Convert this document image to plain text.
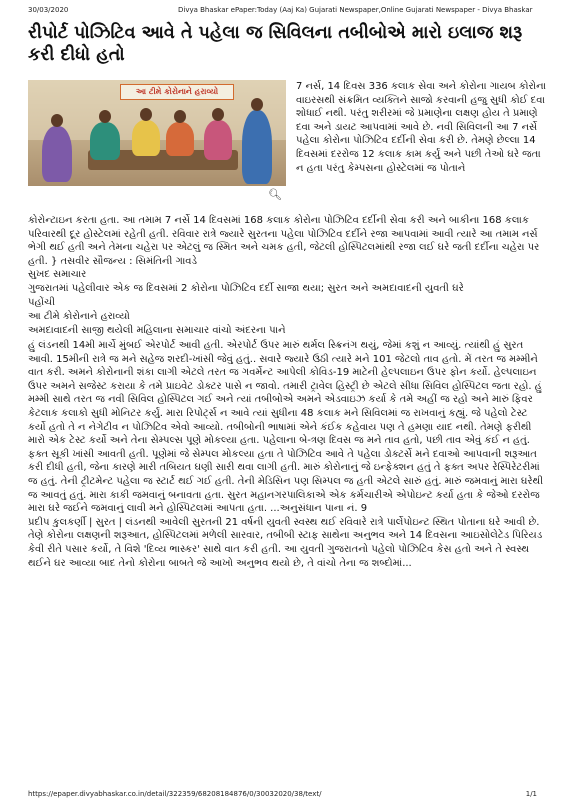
30/03/2020	Divya Bhaskar ePaper:Today (Aaj Ka) Gujarati Newspaper,Online Gujarati Newspaper - Divya Bhaskar
રીપોર્ટ પોઝિટિવ આવે તે પહેલા જ સિવિલના તબીબોએ મારો ઇલાજ શરૂ કરી દીધો હતો
આ ટીમે કોરોનાને હરાવ્યો
🔍︎
7 નર્સ, 14 દિવસ 336 કલાક સેવા અને કોરોના ગાયબ કોરોના વાઇરસથી સંક્રમિત વ્યક્તિને સાજો કરવાની હજુ સુધી કોઈ દવા શોધાઈ નથી. પરંતુ શરીરમાં જે પ્રમાણેના લક્ષણ હોય તે પ્રમાણે દવા અને ડાયટ આપવામાં આવે છે. નવી સિવિલની આ 7 નર્સે પહેલા કોરોના પોઝિટિવ દર્દીની સેવા કરી છે. તેમણે છેલ્લા 14 દિવસમાં દરરોજ 12 કલાક કામ કર્યું અને પછી તેઓ ઘરે જતા ન હતા પરંતુ કેમ્પસના હોસ્ટેલમાં જ પોતાને
કોરોન્ટાઇન કરતા હતા. આ તમામ 7 નર્સે 14 દિવસમાં 168 કલાક કોરોના પોઝિટિવ દર્દીની સેવા કરી અને બાકીના 168 કલાક પરિવારથી દૂર હોસ્ટેલમાં રહેતી હતી. રવિવાર રાત્રે જ્યારે સુરતના પહેલા પોઝિટિવ દર્દીને રજા આપવામાં આવી ત્યારે આ તમામ નર્સ ભેગી થઈ હતી અને તેમના ચહેરા પર એટલું જ સ્મિત અને ચમક હતી, જેટલી હોસ્પિટલમાંથી રજા લઈ ઘરે જતી દર્દીના ચહેરા પર હતી. } તસવીર સૌજન્ય : સિમંતિની ગાવડે
સુખદ સમાચાર
ગુજરાતમાં પહેલીવાર એક જ દિવસમાં 2 કોરોના પોઝિટિવ દર્દી સાજા થયા; સુરત અને અમદાવાદની યુવતી ઘરે
પહોંચી
આ ટીમે કોરોનાને હરાવ્યો
અમદાવાદની સાજી થયેલી મહિલાના સમાચાર વાંચો અંદરના પાને
હું લંડનથી 14મી માર્ચે મુંબઈ એરપોર્ટ આવી હતી. એરપોર્ટ ઉપર મારું થર્મલ સ્ક્રિનંગ થયું, જેમાં કશું ન આવ્યું. ત્યાંથી હું સુરત આવી. 15મીની રાત્રે જ મને સહેજ શરદી-ખાંસી જેવું હતું.. સવારે જ્યારે ઉઠી ત્યારે મને 101 જેટલો તાવ હતો. મેં તરત જ મમ્મીને વાત કરી. અમને કોરોનાની શંકા લાગી એટલે તરત જ ગવર્મેન્ટ આપેલી કોવિડ-19 માટેની હેલ્પલાઇન ઉપર ફોન કર્યો. હેલ્પલાઇન ઉપર અમને સજેસ્ટ કરાયા કે તમે પ્રાઇવેટ ડોક્ટર પાસે ન જાવો. તમારી ટ્રાવેલ હિસ્ટ્રી છે એટલે સીધા સિવિલ હોસ્પિટલ જતા રહો. હું મમ્મી સાથે તરત જ નવી સિવિલ હોસ્પિટલ ગઈ અને ત્યાં તબીબોએ અમને એડવાઇઝ કર્યા કે તમે અહીં જ રહો અને મારું ફિવર કેટલાક કલાકો સુધી મોનિટર કર્યું. મારા રિપોર્ટ્સ ન આવે ત્યાં સુધીના 48 કલાક મને સિવિલમાં જ રાખવાનું કહ્યું. જે પહેલો ટેસ્ટ કર્યો હતો તે ન નેગેટીવ ન પોઝિટિવ એવો આવ્યો. તબીબોની ભાષામાં એને કંઈક કહેવાય પણ તે હમણા યાદ નથી. તેમણે ફરીથી મારો એક ટેસ્ટ કર્યો અને તેના સેમ્પલ્સ પૂણે મોકલ્યા હતા. પહેલાના બે-ત્રણ દિવસ જ મને તાવ હતો, પછી તાવ એવું કંઈ ન હતું. ફક્ત સૂકી ખાંસી આવતી હતી. પૂણેમાં જે સેમ્પલ મોકલ્યા હતા તે પોઝિટિવ આવે તે પહેલા ડોક્ટર્સે મને દવાઓ આપવાની શરૂઆત કરી દીધી હતી, જેના કારણે મારી તબિયત ઘણી સારી થવા લાગી હતી. મારું કોરોનાનું જે ઇન્ફેક્શન હતું તે ફક્ત અપર રેસ્પિરેટરીમાં જ હતું. તેની ટ્રીટમેન્ટ પહેલા જ સ્ટાર્ટ થઈ ગઈ હતી. તેની મેડિસિન પણ સિમ્પલ જ હતી એટલે સારું હતું. મારું જમવાનું મારા ઘરેથી જ આવતું હતું. મારા કાકી જમવાનું બનાવતા હતા. સુરત મહાનગરપાલિકાએ એક કર્મચારીએ એપોઇન્ટ કર્યા હતા કે જેઓ દરરોજ મારા ઘરે જઈને જમવાનું લાવી મને હોસ્પિટલમાં આપતા હતા. ...અનુસંધાન પાના નં. 9
પ્રદીપ કુલકર્ણી | સુરત | લંડનથી આવેલી સુરતની 21 વર્ષની યુવતી સ્વસ્થ થઈ રવિવારે રાત્રે પાર્લેપોઇન્ટ સ્થિત પોતાના ઘરે આવી છે. તેણે કોરોના લક્ષણની શરૂઆત, હોસ્પિટલમાં મળેલી સારવાર, તબીબી સ્ટાફ સાથેના અનુભવ અને 14 દિવસના આઇસોલેટેડ પિરિયડ કેવી રીતે પસાર કર્યો, તે વિશે 'દિવ્ય ભાસ્કર' સાથે વાત કરી હતી. આ યુવતી ગુજરાતનો પહેલો પોઝિટિવ કેસ હતો અને તે સ્વસ્થ થઈને ઘર આવ્યા બાદ તેનો કોરોના બાબતે જે આખો અનુભવ થયો છે, તે વાંચો તેના જ શબ્દોમાં...
https://epaper.divyabhaskar.co.in/detail/322359/68208184876/0/30032020/38/text/	1/1
